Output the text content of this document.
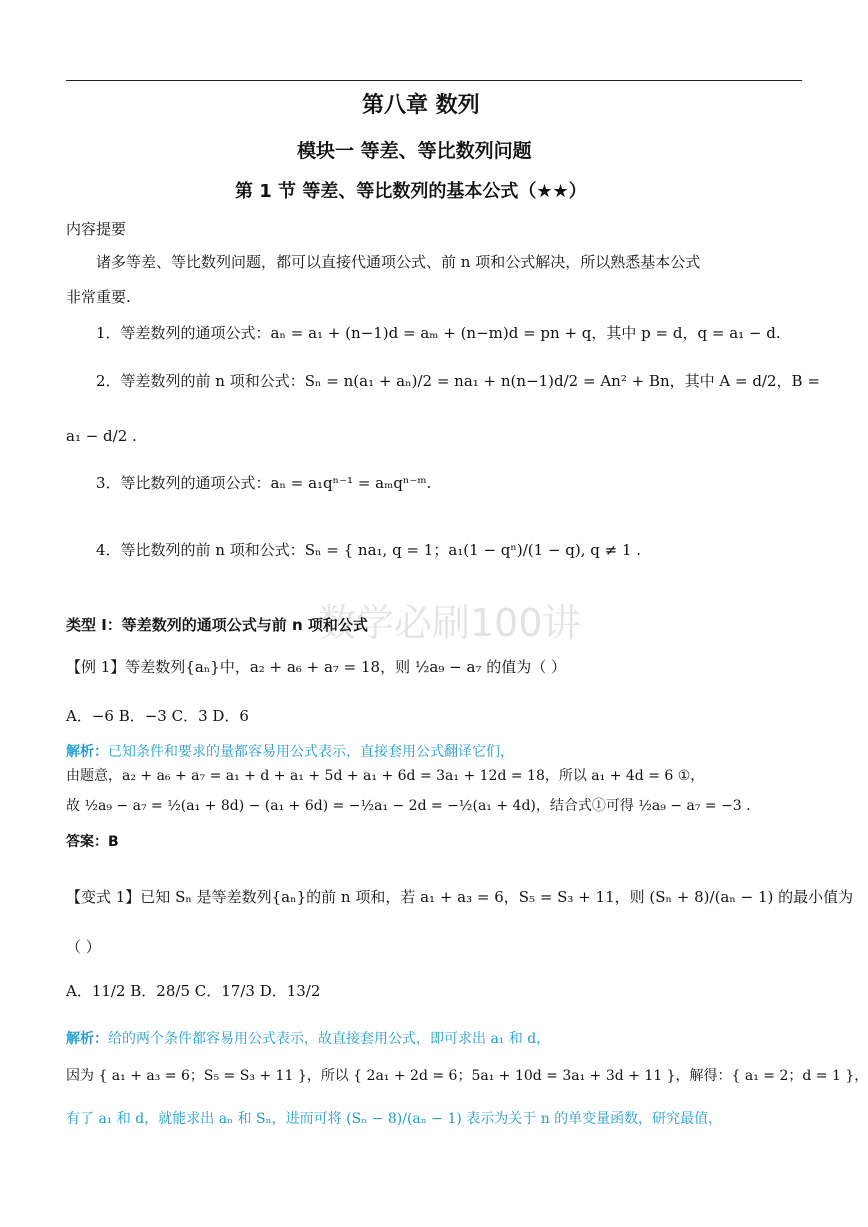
第八章 数列
模块一 等差、等比数列问题
第 1 节 等差、等比数列的基本公式（★★）
内容提要
诸多等差、等比数列问题，都可以直接代通项公式、前 n 项和公式解决，所以熟悉基本公式
非常重要.
1．等差数列的通项公式：aₙ = a₁ + (n−1)d = aₘ + (n−m)d = pn + q，其中 p = d，q = a₁ − d.
2．等差数列的前 n 项和公式：Sₙ = n(a₁ + aₙ)/2 = na₁ + n(n−1)d/2 = An² + Bn，其中 A = d/2，B =
a₁ − d/2 .
3．等比数列的通项公式：aₙ = a₁qⁿ⁻¹ = aₘqⁿ⁻ᵐ.
4．等比数列的前 n 项和公式：Sₙ = { na₁, q = 1；a₁(1 − qⁿ)/(1 − q), q ≠ 1 .
数学必刷100讲
类型 I：等差数列的通项公式与前 n 项和公式
【例 1】等差数列{aₙ}中，a₂ + a₆ + a₇ = 18，则 ½a₉ − a₇ 的值为（ ）
A．−6 B．−3 C．3 D．6
解析：已知条件和要求的量都容易用公式表示，直接套用公式翻译它们，
由题意，a₂ + a₆ + a₇ = a₁ + d + a₁ + 5d + a₁ + 6d = 3a₁ + 12d = 18，所以 a₁ + 4d = 6 ①，
故 ½a₉ − a₇ = ½(a₁ + 8d) − (a₁ + 6d) = −½a₁ − 2d = −½(a₁ + 4d)，结合式①可得 ½a₉ − a₇ = −3 .
答案：B
【变式 1】已知 Sₙ 是等差数列{aₙ}的前 n 项和，若 a₁ + a₃ = 6，S₅ = S₃ + 11，则 (Sₙ + 8)/(aₙ − 1) 的最小值为
（ ）
A．11/2 B．28/5 C．17/3 D．13/2
解析：给的两个条件都容易用公式表示，故直接套用公式，即可求出 a₁ 和 d，
因为 { a₁ + a₃ = 6；S₅ = S₃ + 11 }，所以 { 2a₁ + 2d = 6；5a₁ + 10d = 3a₁ + 3d + 11 }，解得：{ a₁ = 2；d = 1 }，
有了 a₁ 和 d，就能求出 aₙ 和 Sₙ，进而可将 (Sₙ − 8)/(aₙ − 1) 表示为关于 n 的单变量函数，研究最值，
